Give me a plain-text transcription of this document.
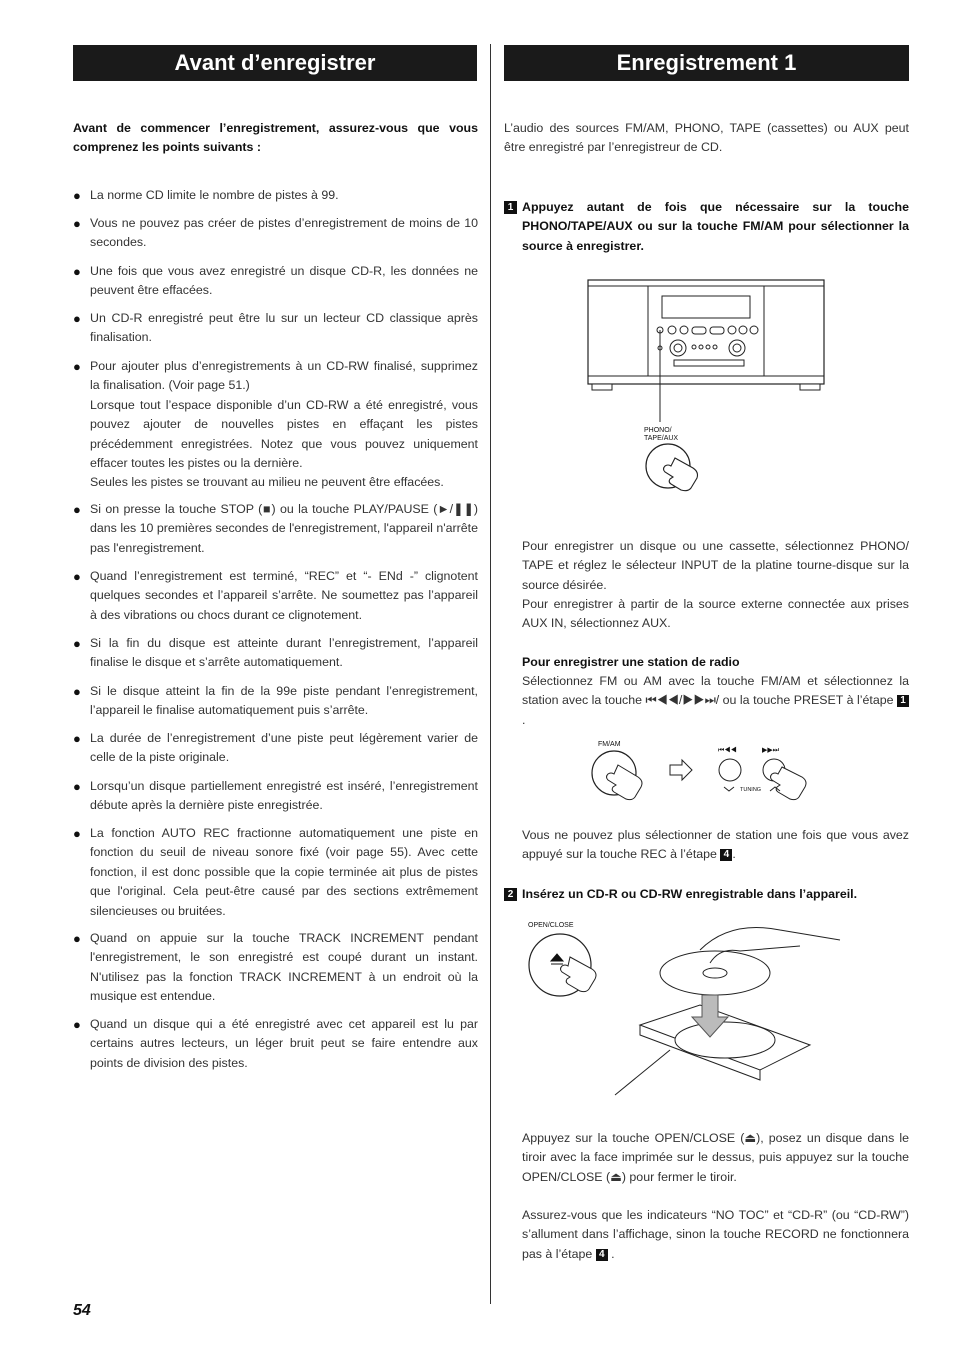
Avant d’enregistrer	Enregistrement 1
Avant de commencer l’enregistrement, assurez-vous que vous comprenez les points suivants :
● La norme CD limite le nombre de pistes à 99.
● Vous ne pouvez pas créer de pistes d’enregistrement de moins de 10 secondes.
● Une fois que vous avez enregistré un disque CD-R, les données ne peuvent être effacées.
● Un CD-R enregistré peut être lu sur un lecteur CD classique après finalisation.
● Pour ajouter plus d’enregistrements à un CD-RW finalisé, supprimez la finalisation. (Voir page 51.)
Lorsque tout l’espace disponible d’un CD-RW a été enregistré, vous pouvez ajouter de nouvelles pistes en effaçant les pistes précédemment enregistrées. Notez que vous pouvez uniquement effacer toutes les pistes ou la dernière.
Seules les pistes se trouvant au milieu ne peuvent être effacées.
● Si on presse la touche STOP (■) ou la touche PLAY/PAUSE (►/❚❚) dans les 10 premières secondes de l'enregistrement, l'appareil n'arrête pas l'enregistrement.
● Quand l’enregistrement est terminé, “REC” et “- ENd -” clignotent quelques secondes et l’appareil s’arrête. Ne soumettez pas l’appareil à des vibrations ou chocs durant ce clignotement.
● Si la fin du disque est atteinte durant l’enregistrement, l’appareil finalise le disque et s’arrête automatiquement.
● Si le disque atteint la fin de la 99e piste pendant l’enregistrement, l’appareil le finalise automatiquement puis s’arrête.
● La durée de l’enregistrement d’une piste peut légèrement varier de celle de la piste originale.
● Lorsqu’un disque partiellement enregistré est inséré, l’enregistrement débute après la dernière piste enregistrée.
● La fonction AUTO REC fractionne automatiquement une piste en fonction du seuil de niveau sonore fixé (voir page 55). Avec cette fonction, il est donc possible que la copie terminée ait plus de pistes que l'original. Cela peut-être causé par des sections extrêmement silencieuses ou bruitées.
● Quand on appuie sur la touche TRACK INCREMENT pendant l'enregistrement, le son enregistré est coupé durant un instant. N'utilisez pas la fonction TRACK INCREMENT à un endroit où la musique est entendue.
● Quand un disque qui a été enregistré avec cet appareil est lu par certains autres lecteurs, un léger bruit peut se faire entendre aux points de division des pistes.
54
L’audio des sources FM/AM, PHONO, TAPE (cassettes) ou AUX peut être enregistré par l’enregistreur de CD.
1 Appuyez autant de fois que nécessaire sur la touche PHONO/TAPE/AUX ou sur la touche FM/AM pour sélectionner la source à enregistrer.
PHONO/
TAPE/AUX
Pour enregistrer un disque ou une cassette, sélectionnez PHONO/ TAPE et réglez le sélecteur INPUT de la platine tourne-disque sur la source désirée.
Pour enregistrer à partir de la source externe connectée aux prises AUX IN, sélectionnez AUX.
Pour enregistrer une station de radio
Sélectionnez FM ou AM avec la touche FM/AM et sélectionnez la station avec la touche ⏮◀◀/▶▶⏭/ ou la touche PRESET à l’étape 1.
FM/AM
⏮◀◀	▶▶⏭
TUNING
Vous ne pouvez plus sélectionner de station une fois que vous avez appuyé sur la touche REC à l’étape 4 .
2 Insérez un CD-R ou CD-RW enregistrable dans l’appareil.
OPEN/CLOSE
Appuyez sur la touche OPEN/CLOSE (⏏), posez un disque dans le tiroir avec la face imprimée sur le dessus, puis appuyez sur la touche OPEN/CLOSE (⏏) pour fermer le tiroir.
Assurez-vous que les indicateurs “NO TOC” et “CD-R” (ou “CD-RW”) s’allument dans l’affichage, sinon la touche RECORD ne fonctionnera pas à l’étape 4 .
